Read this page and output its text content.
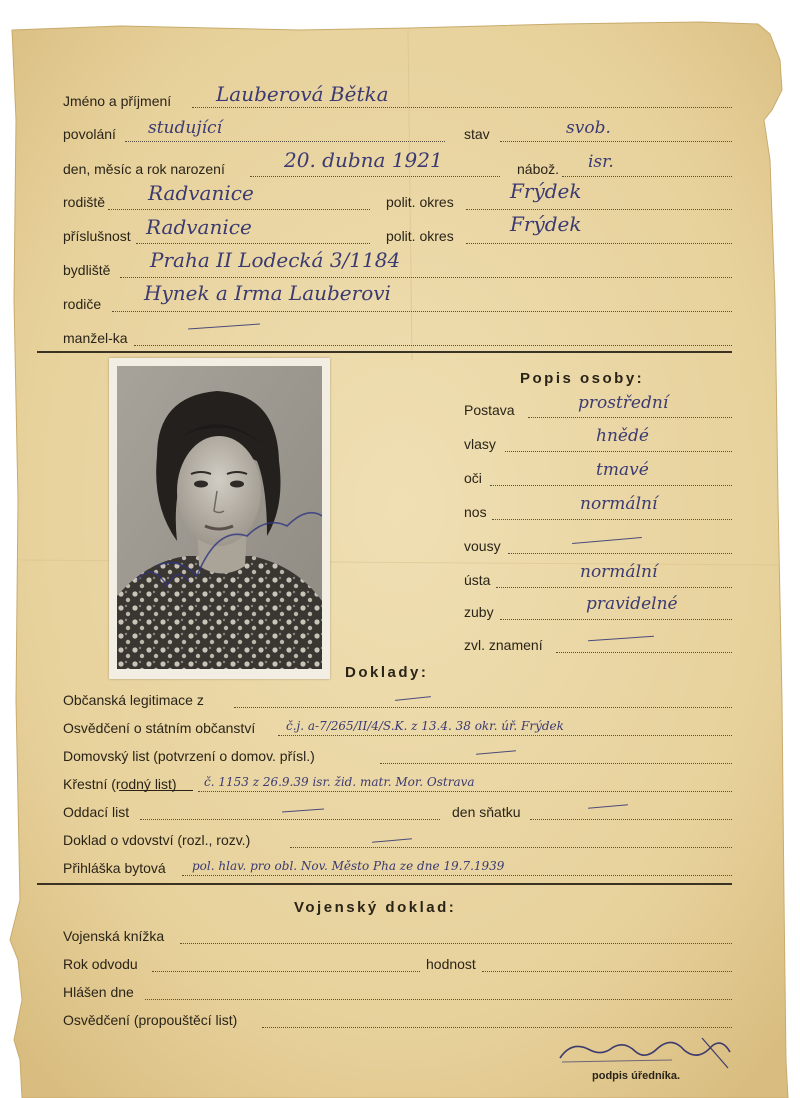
Jméno a příjmení Lauberová Bětka
povolání studující	stav	svob.
den, měsíc a rok narození	20. dubna 1921	nábož. isr.
rodiště Radvanice	polit. okres	Frýdek
příslušnost Radvanice	polit. okres	Frýdek
bydliště Praha II Lodecká 3/1184
rodiče Hynek a Irma Lauberovi
manžel-ka
Popis osoby:
Postava	prostřední
vlasy	hnědé
oči	tmavé
nos	normální
vousy
ústa	normální
zuby	pravidelné
zvl. znamení
Doklady:
Občanská legitimace z
Osvědčení o státním občanství	č.j. a-7/265/II/4/S.K. z 13.4. 38 okr. úř. Frýdek
Domovský list (potvrzení o domov. přísl.)
Křestní (rodný list) č. 1153 z 26.9.39 isr. žid. matr. Mor. Ostrava
Oddací list	den sňatku
Doklad o vdovství (rozl., rozv.)
Přihláška bytová pol. hlav. pro obl. Nov. Město Pha ze dne 19.7.1939
Vojenský doklad:
Vojenská knížka
Rok odvodu	hodnost
Hlášen dne
Osvědčení (propouštěcí list)
podpis úředníka.
